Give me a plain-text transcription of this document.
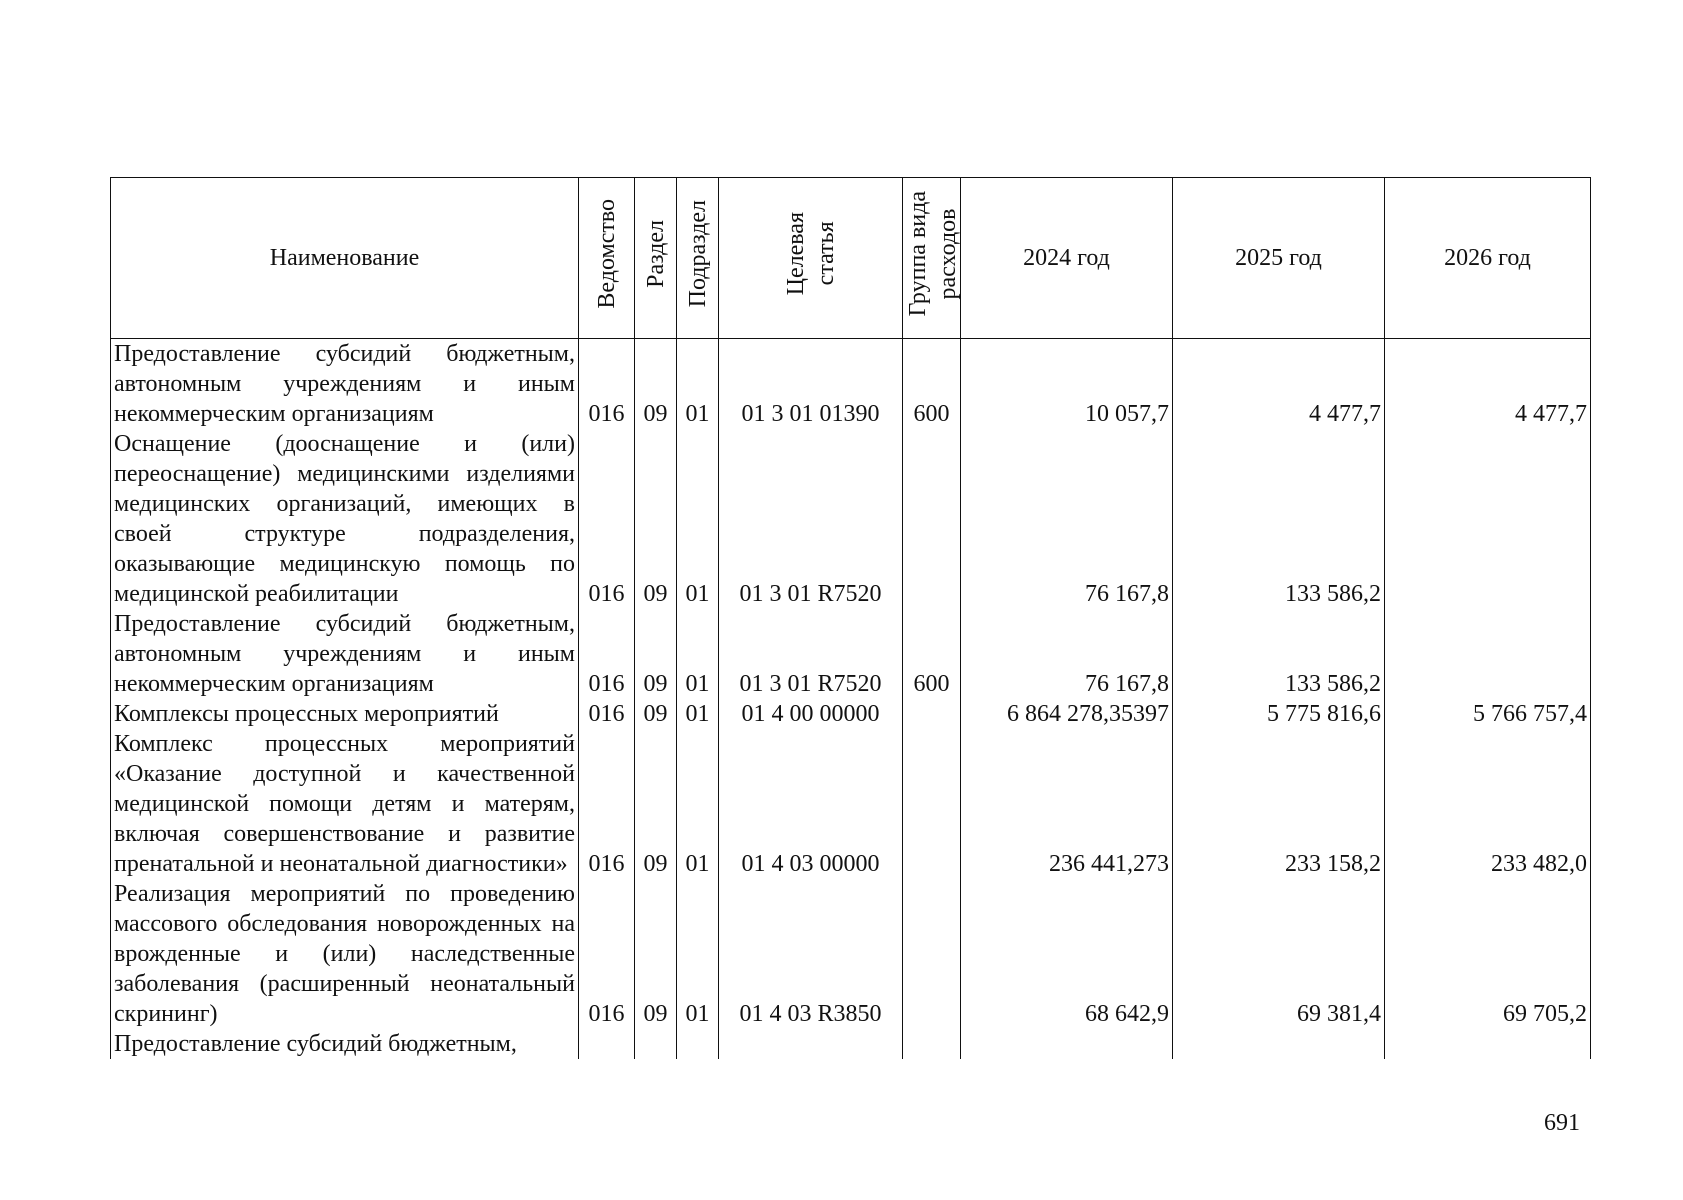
Наименование	Ведомство	Раздел	Подраздел	Целевая статья	Группа вида расходов	2024 год	2025 год	2026 год
Предоставление субсидий бюджетным, автономным учреждениям и иным некоммерческим организациям	016	09	01	01 3 01 01390	600	10 057,7	4 477,7	4 477,7
Оснащение (дооснащение и (или) переоснащение) медицинскими изделиями медицинских организаций, имеющих в своей структуре подразделения, оказывающие медицинскую помощь по медицинской реабилитации	016	09	01	01 3 01 R7520		76 167,8	133 586,2	
Предоставление субсидий бюджетным, автономным учреждениям и иным некоммерческим организациям	016	09	01	01 3 01 R7520	600	76 167,8	133 586,2	
Комплексы процессных мероприятий	016	09	01	01 4 00 00000		6 864 278,35397	5 775 816,6	5 766 757,4
Комплекс процессных мероприятий «Оказание доступной и качественной медицинской помощи детям и матерям, включая совершенствование и развитие пренатальной и неонатальной диагностики»	016	09	01	01 4 03 00000		236 441,273	233 158,2	233 482,0
Реализация мероприятий по проведению массового обследования новорожденных на врожденные и (или) наследственные заболевания (расширенный неонатальный скрининг)	016	09	01	01 4 03 R3850		68 642,9	69 381,4	69 705,2
Предоставление субсидий бюджетным,								
691
